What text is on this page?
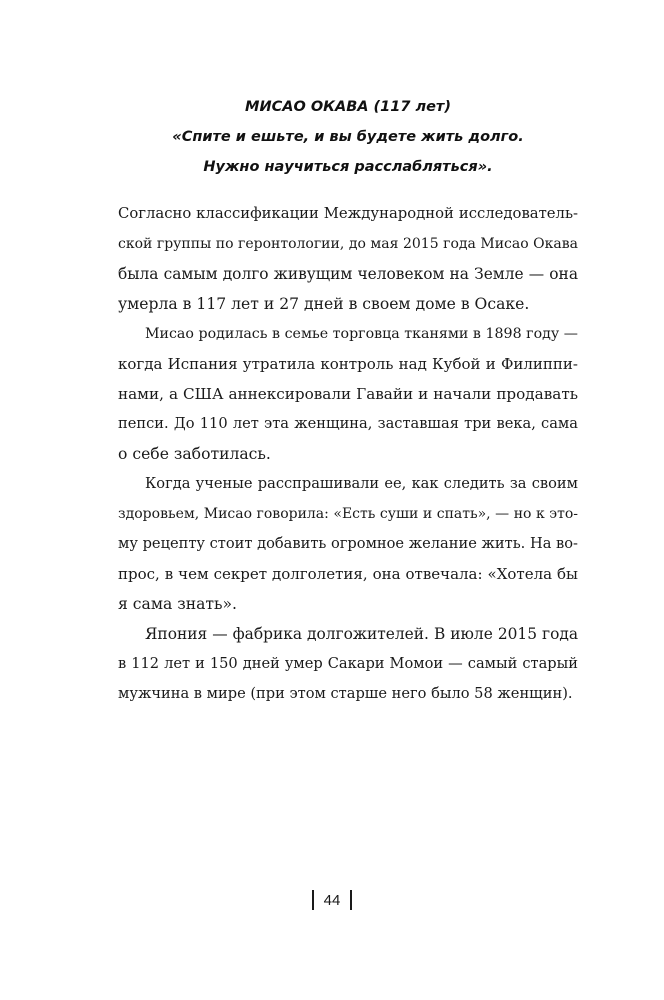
МИСАО ОКАВА (117 лет)
«Спите и ешьте, и вы будете жить долго.
Нужно научиться расслабляться».
Согласно классификации Международной исследователь-
ской группы по геронтологии, до мая 2015 года Мисао Окава
была самым долго живущим человеком на Земле — она
умерла в 117 лет и 27 дней в своем доме в Осаке.
Мисао родилась в семье торговца тканями в 1898 году —
когда Испания утратила контроль над Кубой и Филиппи-
нами, а США аннексировали Гавайи и начали продавать
пепси. До 110 лет эта женщина, заставшая три века, сама
о себе заботилась.
Когда ученые расспрашивали ее, как следить за своим
здоровьем, Мисао говорила: «Есть суши и спать», — но к это-
му рецепту стоит добавить огромное желание жить. На во-
прос, в чем секрет долголетия, она отвечала: «Хотела бы
я сама знать».
Япония — фабрика долгожителей. В июле 2015 года
в 112 лет и 150 дней умер Сакари Момои — самый старый
мужчина в мире (при этом старше него было 58 женщин).
44
